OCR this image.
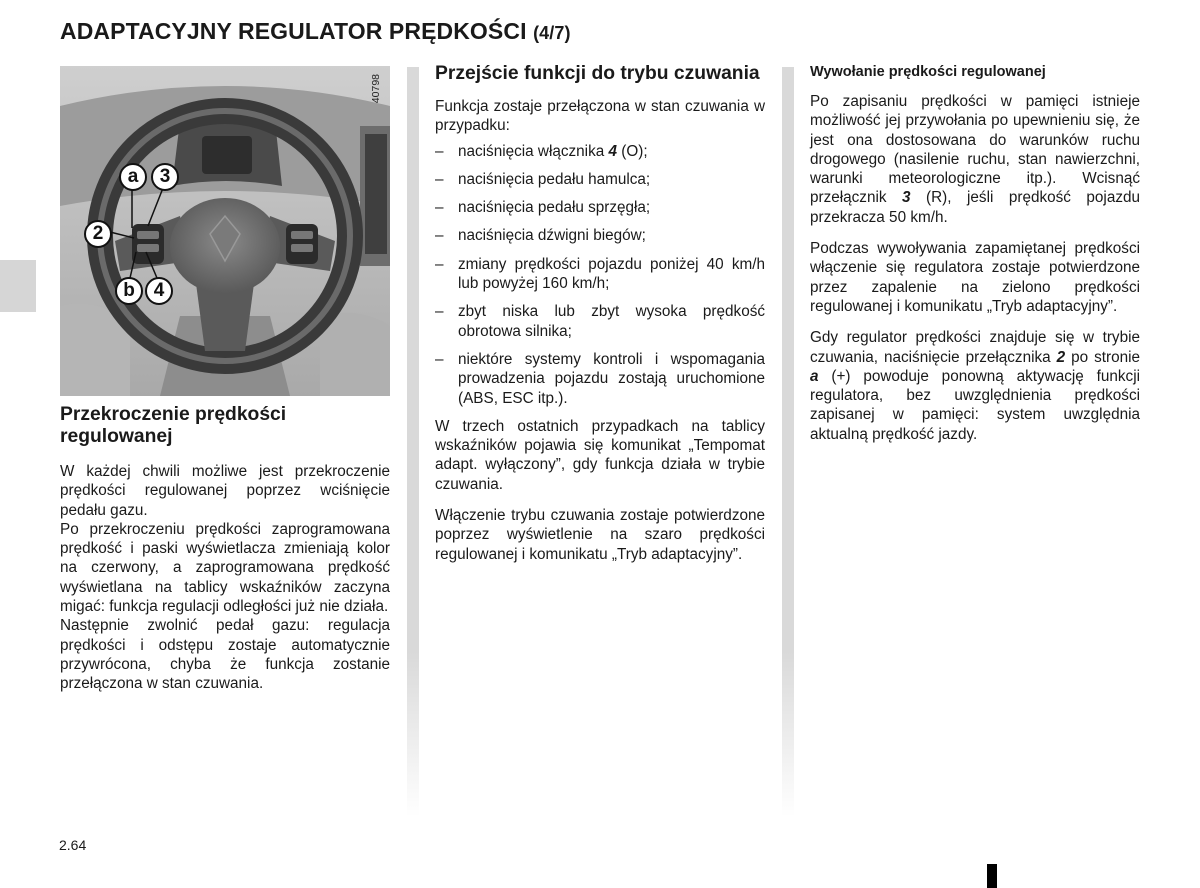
ADAPTACYJNY REGULATOR PRĘDKOŚCI (4/7)
40798
a	3
2
b 4
Przekroczenie prędkości regulowanej

W każdej chwili możliwe jest przekroczenie prędkości regulowanej poprzez wciśnięcie pedału gazu.

Po przekroczeniu prędkości zaprogramowana prędkość i paski wyświetlacza zmieniają kolor na czerwony, a zaprogramowana prędkość wyświetlana na tablicy wskaźników zaczyna migać: funkcja regulacji odległości już nie działa.

Następnie zwolnić pedał gazu: regulacja prędkości i odstępu zostaje automatycznie przywrócona, chyba że funkcja zostanie przełączona w stan czuwania.

Przejście funkcji do trybu czuwania

Funkcja zostaje przełączona w stan czuwania w przypadku:

– naciśnięcia włącznika 4 (O);
– naciśnięcia pedału hamulca;
– naciśnięcia pedału sprzęgła;
– naciśnięcia dźwigni biegów;
– zmiany prędkości pojazdu poniżej 40 km/h lub powyżej 160 km/h;
– zbyt niska lub zbyt wysoka prędkość obrotowa silnika;
– niektóre systemy kontroli i wspomagania prowadzenia pojazdu zostają uruchomione (ABS, ESC itp.).

W trzech ostatnich przypadkach na tablicy wskaźników pojawia się komunikat „Tempomat adapt. wyłączony”, gdy funkcja działa w trybie czuwania.

Włączenie trybu czuwania zostaje potwierdzone poprzez wyświetlenie na szaro prędkości regulowanej i komunikatu „Tryb adaptacyjny”.

Wywołanie prędkości regulowanej

Po zapisaniu prędkości w pamięci istnieje możliwość jej przywołania po upewnieniu się, że jest ona dostosowana do warunków ruchu drogowego (nasilenie ruchu, stan nawierzchni, warunki meteorologiczne itp.). Wcisnąć przełącznik 3 (R), jeśli prędkość pojazdu przekracza 50 km/h.

Podczas wywoływania zapamiętanej prędkości włączenie się regulatora zostaje potwierdzone przez zapalenie na zielono prędkości regulowanej i komunikatu „Tryb adaptacyjny”.

Gdy regulator prędkości znajduje się w trybie czuwania, naciśnięcie przełącznika 2 po stronie a (+) powoduje ponowną aktywację funkcji regulatora, bez uwzględnienia prędkości zapisanej w pamięci: system uwzględnia aktualną prędkość jazdy.

2.64
